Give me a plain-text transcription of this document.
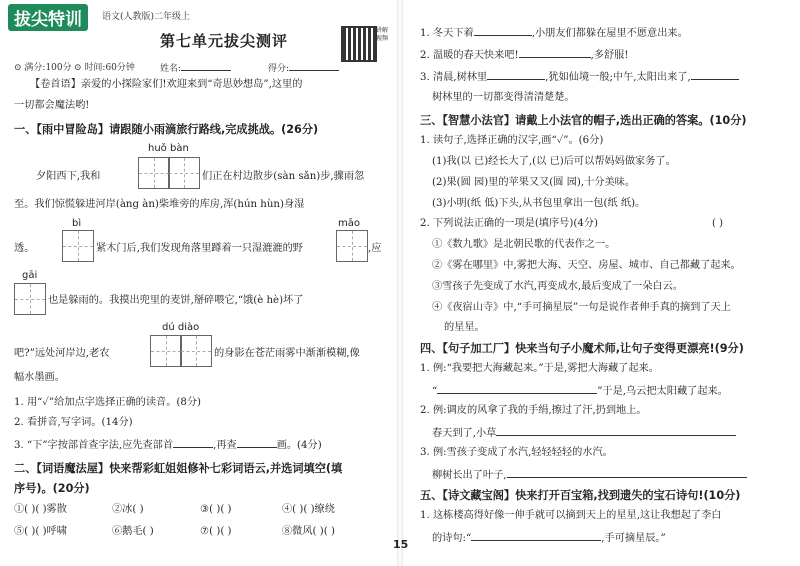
拔尖特训	语文(人教版)二年级上
第七单元拔尖测评
讲解视频
⊙ 满分:100分 ⊙ 时间:60分钟	姓名:	得分:
【卷首语】亲爱的小探险家们!欢迎来到“奇思妙想岛”,这里的
一切都会魔法哟!
一、【雨中冒险岛】请跟随小雨滴旅行路线,完成挑战。(26分)
huǒ bàn
夕阳西下,我和	们正在村边散步(sàn sǎn)步,骤雨忽
至。我们惊慌躲进河岸(àng àn)柴堆旁的库房,浑(hún hùn)身湿
bì	māo
透。	紧木门后,我们发现角落里蹲着一只湿漉漉的野	,应
gāi
也是躲雨的。我摸出兜里的麦饼,掰碎喂它,“饿(è hè)坏了
dú diào
吧?”远处河岸边,老农	的身影在苍茫雨雾中渐渐模糊,像
幅水墨画。
1. 用“✓”给加点字选择正确的读音。(8分)
2. 看拼音,写字词。(14分)
3. “下”字按部首查字法,应先查部首	,再查	画。(4分)
二、【词语魔法屋】快来帮彩虹姐姐修补七彩词语云,并选词填空(填
序号)。(20分)
①( )( )雾散	②冰( )	③( )( )	④( )( )缭绕
⑤( )( )呼啸	⑥鹅毛( )	⑦( )( )	⑧微风( )( )
15
1. 冬天下着	,小朋友们都躲在屋里不愿意出来。
2. 温暖的春天快来吧!	,多舒服!
3. 清晨,树林里	,犹如仙境一般;中午,太阳出来了,
树林里的一切都变得清清楚楚。
三、【智慧小法官】请戴上小法官的帽子,选出正确的答案。(10分)
1. 读句子,选择正确的汉字,画“✓”。(6分)
(1)我(以 已)经长大了,(以 已)后可以帮妈妈做家务了。
(2)果(圆 园)里的苹果又又(圆 园),十分美味。
(3)小明(纸 低)下头,从书包里拿出一包(纸 纸)。
2. 下列说法正确的一项是(填序号)(4分)	( )
①《数九歌》是北朝民歌的代表作之一。
②《雾在哪里》中,雾把大海、天空、房屋、城市、自己都藏了起来。
③雪孩子先变成了水汽,再变成水,最后变成了一朵白云。
④《夜宿山寺》中,“手可摘星辰”一句是说作者伸手真的摘到了天上
的星星。
四、【句子加工厂】快来当句子小魔术师,让句子变得更漂亮!(9分)
1. 例:“我要把大海藏起来。”于是,雾把大海藏了起来。
“	”于是,乌云把太阳藏了起来。
2. 例:调皮的风拿了我的手绢,擦过了汗,扔到地上。
春天到了,小草
3. 例:雪孩子变成了水汽,轻轻轻轻的水汽。
柳树长出了叶子,
五、【诗文藏宝阁】快来打开百宝箱,找到遗失的宝石诗句!(10分)
1. 这栋楼高得好像一伸手就可以摘到天上的星星,这让我想起了李白
的诗句:“	,手可摘星辰。”
